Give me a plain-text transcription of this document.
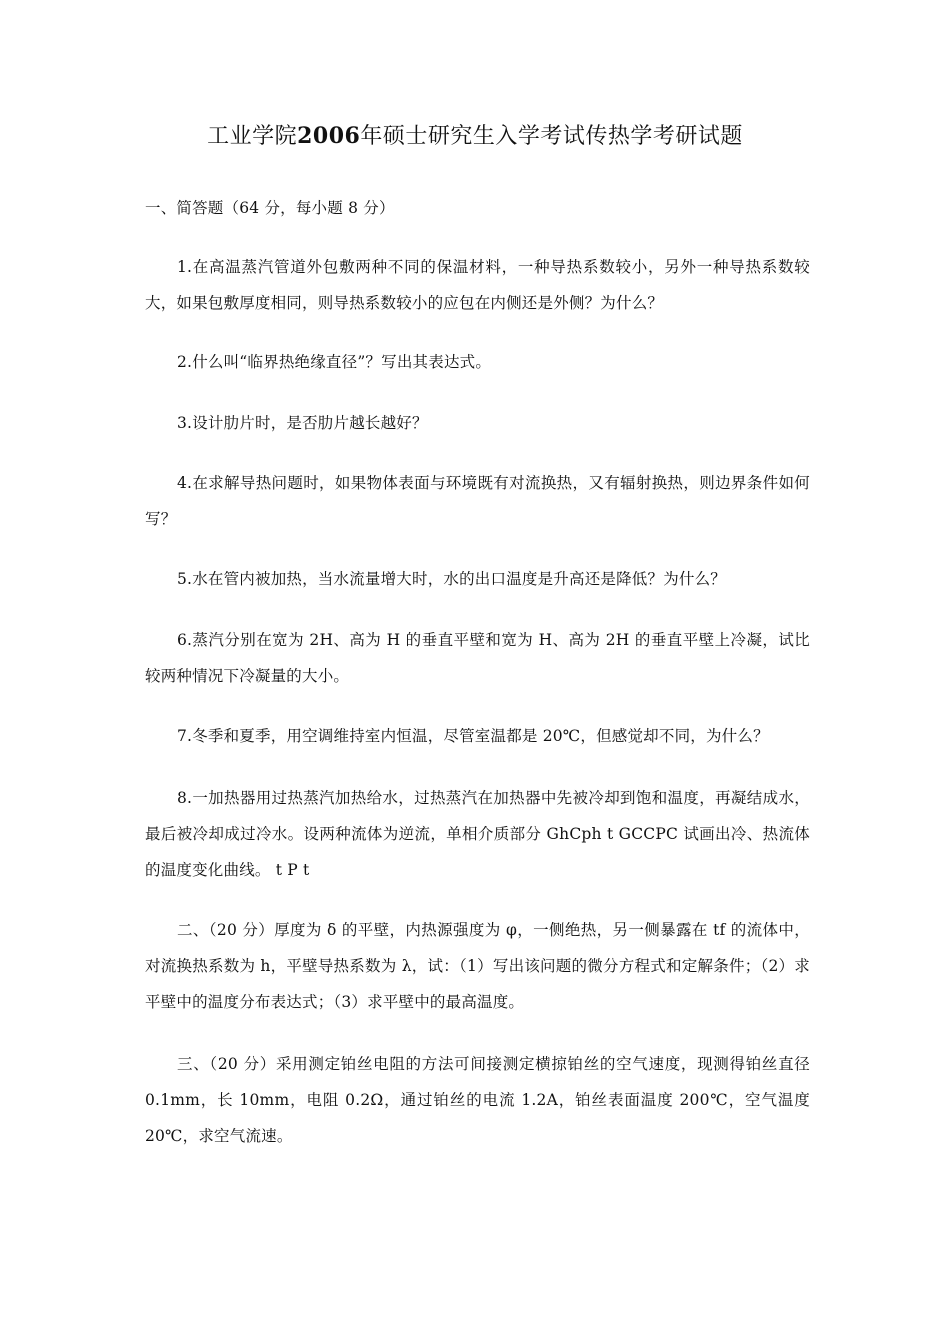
工业学院2006年硕士研究生入学考试传热学考研试题
一、简答题（64 分，每小题 8 分）
1.在高温蒸汽管道外包敷两种不同的保温材料，一种导热系数较小，另外一种导热系数较大，如果包敷厚度相同，则导热系数较小的应包在内侧还是外侧？为什么？
2.什么叫“临界热绝缘直径”？写出其表达式。
3.设计肋片时，是否肋片越长越好？
4.在求解导热问题时，如果物体表面与环境既有对流换热，又有辐射换热，则边界条件如何写？
5.水在管内被加热，当水流量增大时，水的出口温度是升高还是降低？为什么？
6.蒸汽分别在宽为 2H、高为 H 的垂直平壁和宽为 H、高为 2H 的垂直平壁上冷凝，试比较两种情况下冷凝量的大小。
7.冬季和夏季，用空调维持室内恒温，尽管室温都是 20℃，但感觉却不同，为什么？
8.一加热器用过热蒸汽加热给水，过热蒸汽在加热器中先被冷却到饱和温度，再凝结成水，最后被冷却成过冷水。设两种流体为逆流，单相介质部分 GhCph t GCCPC 试画出冷、热流体的温度变化曲线。 t P t
二、（20 分）厚度为 δ 的平壁，内热源强度为 φ，一侧绝热，另一侧暴露在 tf 的流体中，对流换热系数为 h，平壁导热系数为 λ，试：（1）写出该问题的微分方程式和定解条件；（2）求平壁中的温度分布表达式；（3）求平壁中的最高温度。
三、（20 分）采用测定铂丝电阻的方法可间接测定横掠铂丝的空气速度，现测得铂丝直径 0.1mm，长 10mm，电阻 0.2Ω，通过铂丝的电流 1.2A，铂丝表面温度 200℃，空气温度 20℃，求空气流速。
